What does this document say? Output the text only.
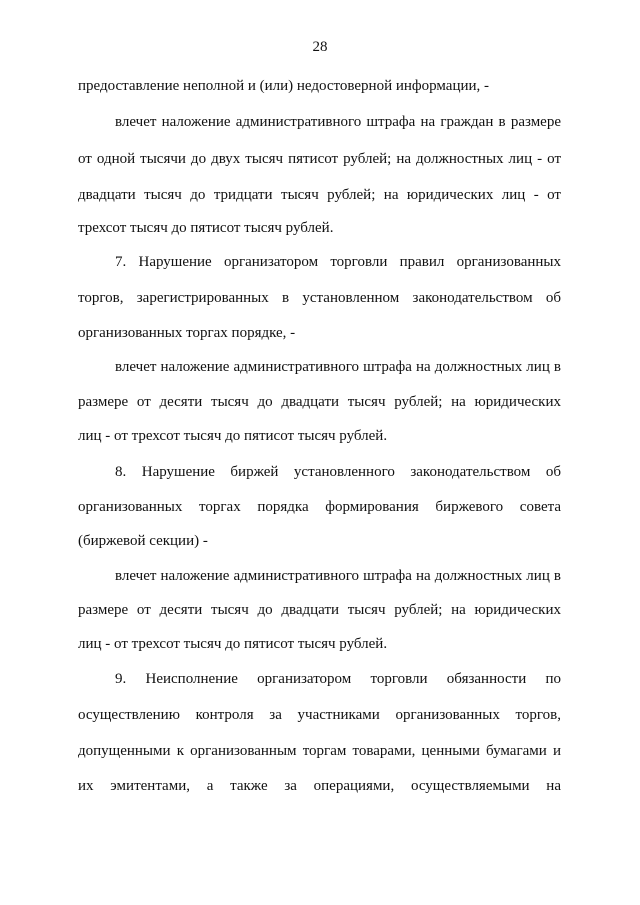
28
предоставление неполной и (или) недостоверной информации, -
влечет наложение административного штрафа на граждан в размере
от одной тысячи до двух тысяч пятисот рублей; на должностных лиц - от
двадцати тысяч до тридцати тысяч рублей; на юридических лиц - от
трехсот тысяч до пятисот тысяч рублей.
7. Нарушение организатором торговли правил организованных
торгов, зарегистрированных в установленном законодательством об
организованных торгах порядке, -
влечет наложение административного штрафа на должностных лиц в
размере от десяти тысяч до двадцати тысяч рублей; на юридических
лиц - от трехсот тысяч до пятисот тысяч рублей.
8. Нарушение биржей установленного законодательством об
организованных торгах порядка формирования биржевого совета
(биржевой секции) -
влечет наложение административного штрафа на должностных лиц в
размере от десяти тысяч до двадцати тысяч рублей; на юридических
лиц - от трехсот тысяч до пятисот тысяч рублей.
9. Неисполнение организатором торговли обязанности по
осуществлению контроля за участниками организованных торгов,
допущенными к организованным торгам товарами, ценными бумагами и
их эмитентами, а также за операциями, осуществляемыми на
